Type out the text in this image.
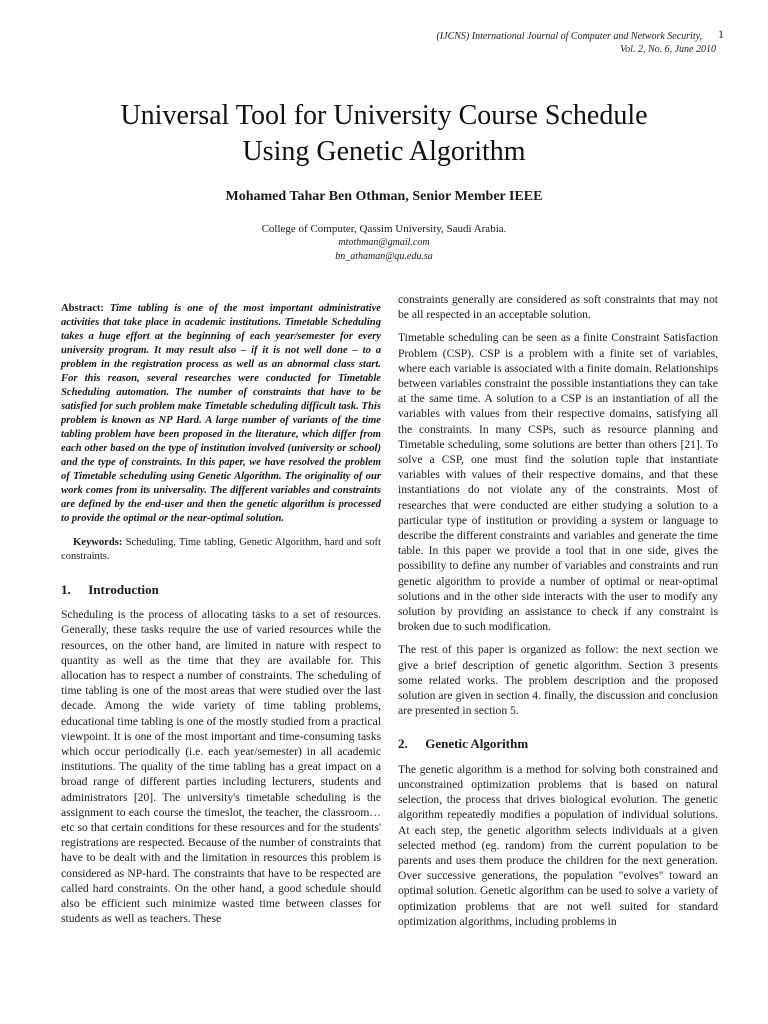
(IJCNS) International Journal of Computer and Network Security,	1
Vol. 2, No. 6, June 2010
Universal Tool for University Course Schedule
Using Genetic Algorithm
Mohamed Tahar Ben Othman, Senior Member IEEE
College of Computer, Qassim University, Saudi Arabia.
mtothman@gmail.com
bn_athaman@qu.edu.sa

Abstract: Time tabling is one of the most important administrative activities that take place in academic institutions. Timetable Scheduling takes a huge effort at the beginning of each year/semester for every university program. It may result also – if it is not well done – to a problem in the registration process as well as an abnormal class start. For this reason, several researches were conducted for Timetable Scheduling automation. The number of constraints that have to be satisfied for such problem make Timetable scheduling difficult task. This problem is known as NP Hard. A large number of variants of the time tabling problem have been proposed in the literature, which differ from each other based on the type of institution involved (university or school) and the type of constraints. In this paper, we have resolved the problem of Timetable scheduling using Genetic Algorithm. The originality of our work comes from its universality. The different variables and constraints are defined by the end-user and then the genetic algorithm is processed to provide the optimal or the near-optimal solution.

Keywords: Scheduling, Time tabling, Genetic Algorithm, hard and soft constraints.

1. Introduction

Scheduling is the process of allocating tasks to a set of resources. Generally, these tasks require the use of varied resources while the resources, on the other hand, are limited in nature with respect to quantity as well as the time that they are available for. This allocation has to respect a number of constraints. The scheduling of time tabling is one of the most areas that were studied over the last decade. Among the wide variety of time tabling problems, educational time tabling is one of the mostly studied from a practical viewpoint. It is one of the most important and time-consuming tasks which occur periodically (i.e. each year/semester) in all academic institutions. The quality of the time tabling has a great impact on a broad range of different parties including lecturers, students and administrators [20]. The university's timetable scheduling is the assignment to each course the timeslot, the teacher, the classroom… etc so that certain conditions for these resources and for the students' registrations are respected. Because of the number of constraints that have to be dealt with and the limitation in resources this problem is considered as NP-hard. The constraints that have to be respected are called hard constraints. On the other hand, a good schedule should also be efficient such minimize wasted time between classes for students as well as teachers. These

constraints generally are considered as soft constraints that may not be all respected in an acceptable solution.

Timetable scheduling can be seen as a finite Constraint Satisfaction Problem (CSP). CSP is a problem with a finite set of variables, where each variable is associated with a finite domain. Relationships between variables constraint the possible instantiations they can take at the same time. A solution to a CSP is an instantiation of all the variables with values from their respective domains, satisfying all the constraints. In many CSPs, such as resource planning and Timetable scheduling, some solutions are better than others [21]. To solve a CSP, one must find the solution tuple that instantiate variables with values of their respective domains, and that these instantiations do not violate any of the constraints. Most of researches that were conducted are either studying a solution to a particular type of institution or providing a system or language to describe the different constraints and variables and generate the time table. In this paper we provide a tool that in one side, gives the possibility to define any number of variables and constraints and run genetic algorithm to provide a number of optimal or near-optimal solutions and in the other side interacts with the user to modify any solution by providing an assistance to check if any constraint is broken due to such modification.

The rest of this paper is organized as follow: the next section we give a brief description of genetic algorithm. Section 3 presents some related works. The problem description and the proposed solution are given in section 4. finally, the discussion and conclusion are presented in section 5.

2. Genetic Algorithm

The genetic algorithm is a method for solving both constrained and unconstrained optimization problems that is based on natural selection, the process that drives biological evolution. The genetic algorithm repeatedly modifies a population of individual solutions. At each step, the genetic algorithm selects individuals at a given selected method (eg. random) from the current population to be parents and uses them produce the children for the next generation. Over successive generations, the population "evolves" toward an optimal solution. Genetic algorithm can be used to solve a variety of optimization problems that are not well suited for standard optimization algorithms, including problems in
